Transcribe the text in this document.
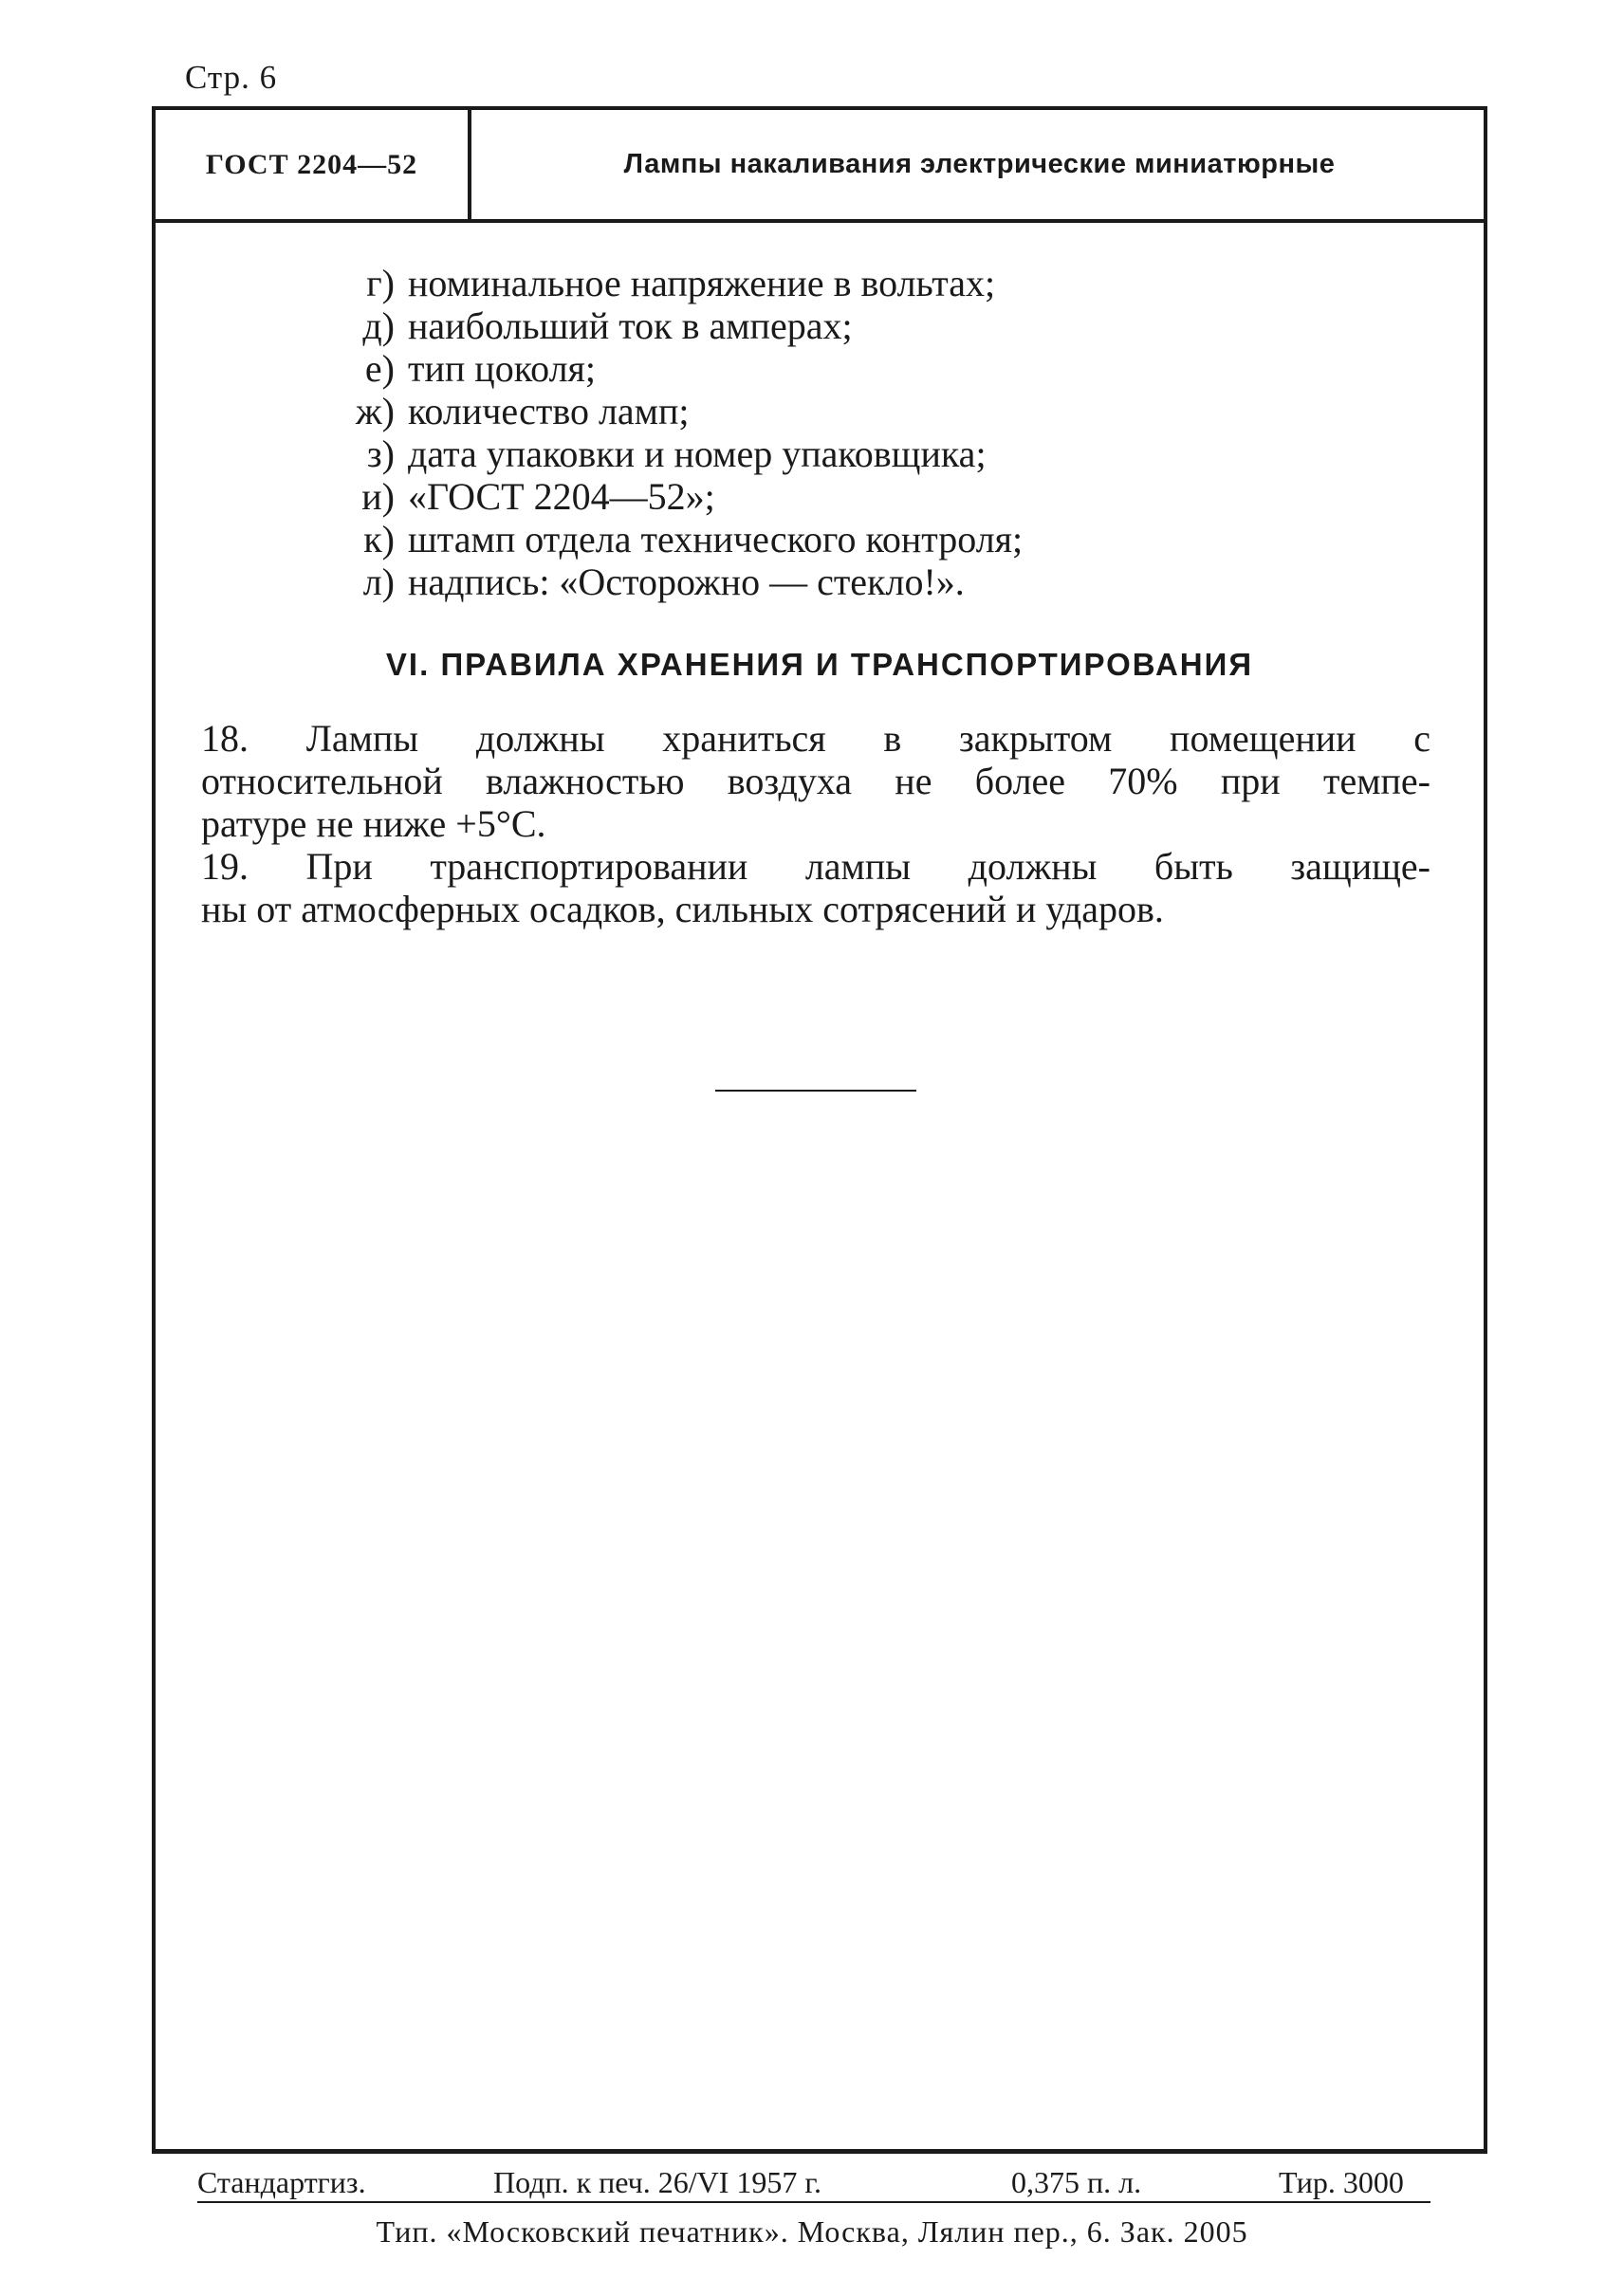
Стр. 6
ГОСТ 2204—52	Лампы накаливания электрические миниатюрные
г) номинальное напряжение в вольтах;
д) наибольший ток в амперах;
е) тип цоколя;
ж) количество ламп;
з) дата упаковки и номер упаковщика;
и) «ГОСТ 2204—52»;
к) штамп отдела технического контроля;
л) надпись: «Осторожно — стекло!».
VI. ПРАВИЛА ХРАНЕНИЯ И ТРАНСПОРТИРОВАНИЯ
18. Лампы должны храниться в закрытом помещении с
относительной влажностью воздуха не более 70% при темпе-
ратуре не ниже +5°С.
19. При транспортировании лампы должны быть защище-
ны от атмосферных осадков, сильных сотрясений и ударов.
Стандартгиз.	Подп. к печ. 26/VI 1957 г.	0,375 п. л.	Тир. 3000
Тип. «Московский печатник». Москва, Лялин пер., 6. Зак. 2005
